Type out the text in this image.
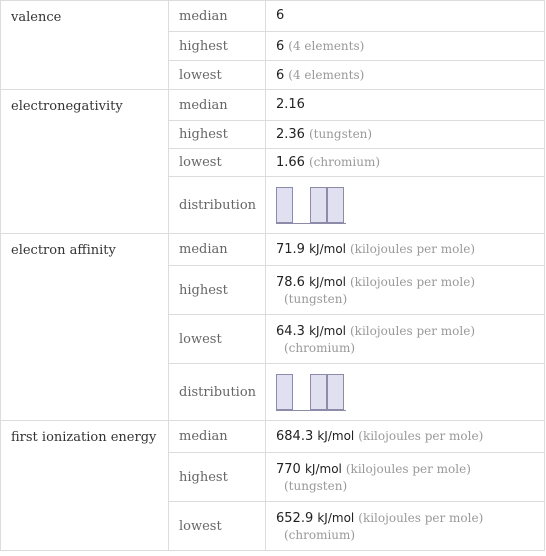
valence	median	6
	highest	6 (4 elements)
	lowest	6 (4 elements)
electronegativity	median	2.16
	highest	2.36 (tungsten)
	lowest	1.66 (chromium)
	distribution	

electron affinity	median	71.9 kJ/mol (kilojoules per mole)
	highest	78.6 kJ/mol (kilojoules per mole)
(tungsten)

	lowest	64.3 kJ/mol (kilojoules per mole)
(chromium)

	distribution	

first ionization energy	median	684.3 kJ/mol (kilojoules per mole)
	highest	770 kJ/mol (kilojoules per mole)
(tungsten)

	lowest	652.9 kJ/mol (kilojoules per mole)
(chromium)
